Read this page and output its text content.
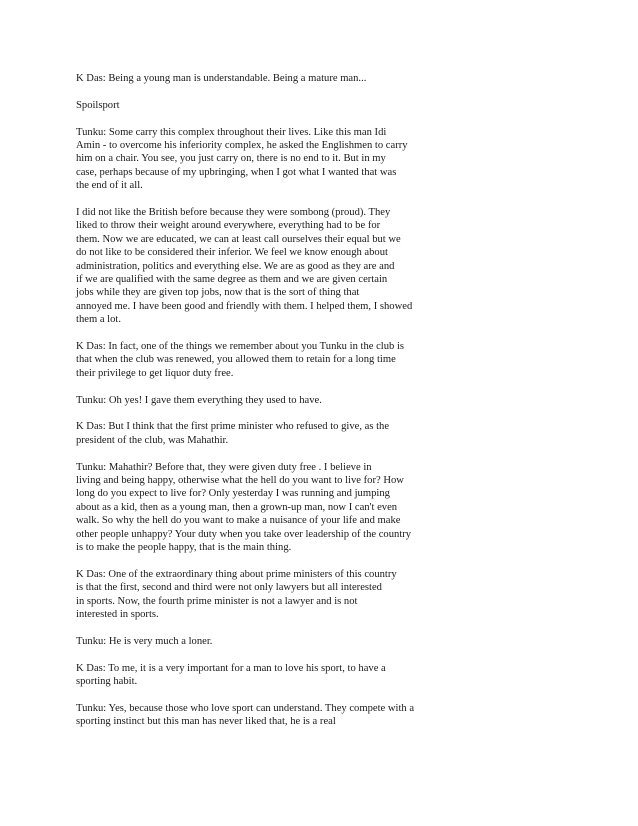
K Das: Being a young man is understandable. Being a mature man...

Spoilsport

Tunku: Some carry this complex throughout their lives. Like this man Idi
Amin - to overcome his inferiority complex, he asked the Englishmen to carry
him on a chair. You see, you just carry on, there is no end to it. But in my
case, perhaps because of my upbringing, when I got what I wanted that was
the end of it all.

I did not like the British before because they were sombong (proud). They
liked to throw their weight around everywhere, everything had to be for
them. Now we are educated, we can at least call ourselves their equal but we
do not like to be considered their inferior. We feel we know enough about
administration, politics and everything else. We are as good as they are and
if we are qualified with the same degree as them and we are given certain
jobs while they are given top jobs, now that is the sort of thing that
annoyed me. I have been good and friendly with them. I helped them, I showed
them a lot.

K Das: In fact, one of the things we remember about you Tunku in the club is
that when the club was renewed, you allowed them to retain for a long time
their privilege to get liquor duty free.

Tunku: Oh yes! I gave them everything they used to have.

K Das: But I think that the first prime minister who refused to give, as the
president of the club, was Mahathir.

Tunku: Mahathir? Before that, they were given duty free . I believe in
living and being happy, otherwise what the hell do you want to live for? How
long do you expect to live for? Only yesterday I was running and jumping
about as a kid, then as a young man, then a grown-up man, now I can't even
walk. So why the hell do you want to make a nuisance of your life and make
other people unhappy? Your duty when you take over leadership of the country
is to make the people happy, that is the main thing.

K Das: One of the extraordinary thing about prime ministers of this country
is that the first, second and third were not only lawyers but all interested
in sports. Now, the fourth prime minister is not a lawyer and is not
interested in sports.

Tunku: He is very much a loner.

K Das: To me, it is a very important for a man to love his sport, to have a
sporting habit.

Tunku: Yes, because those who love sport can understand. They compete with a
sporting instinct but this man has never liked that, he is a real
